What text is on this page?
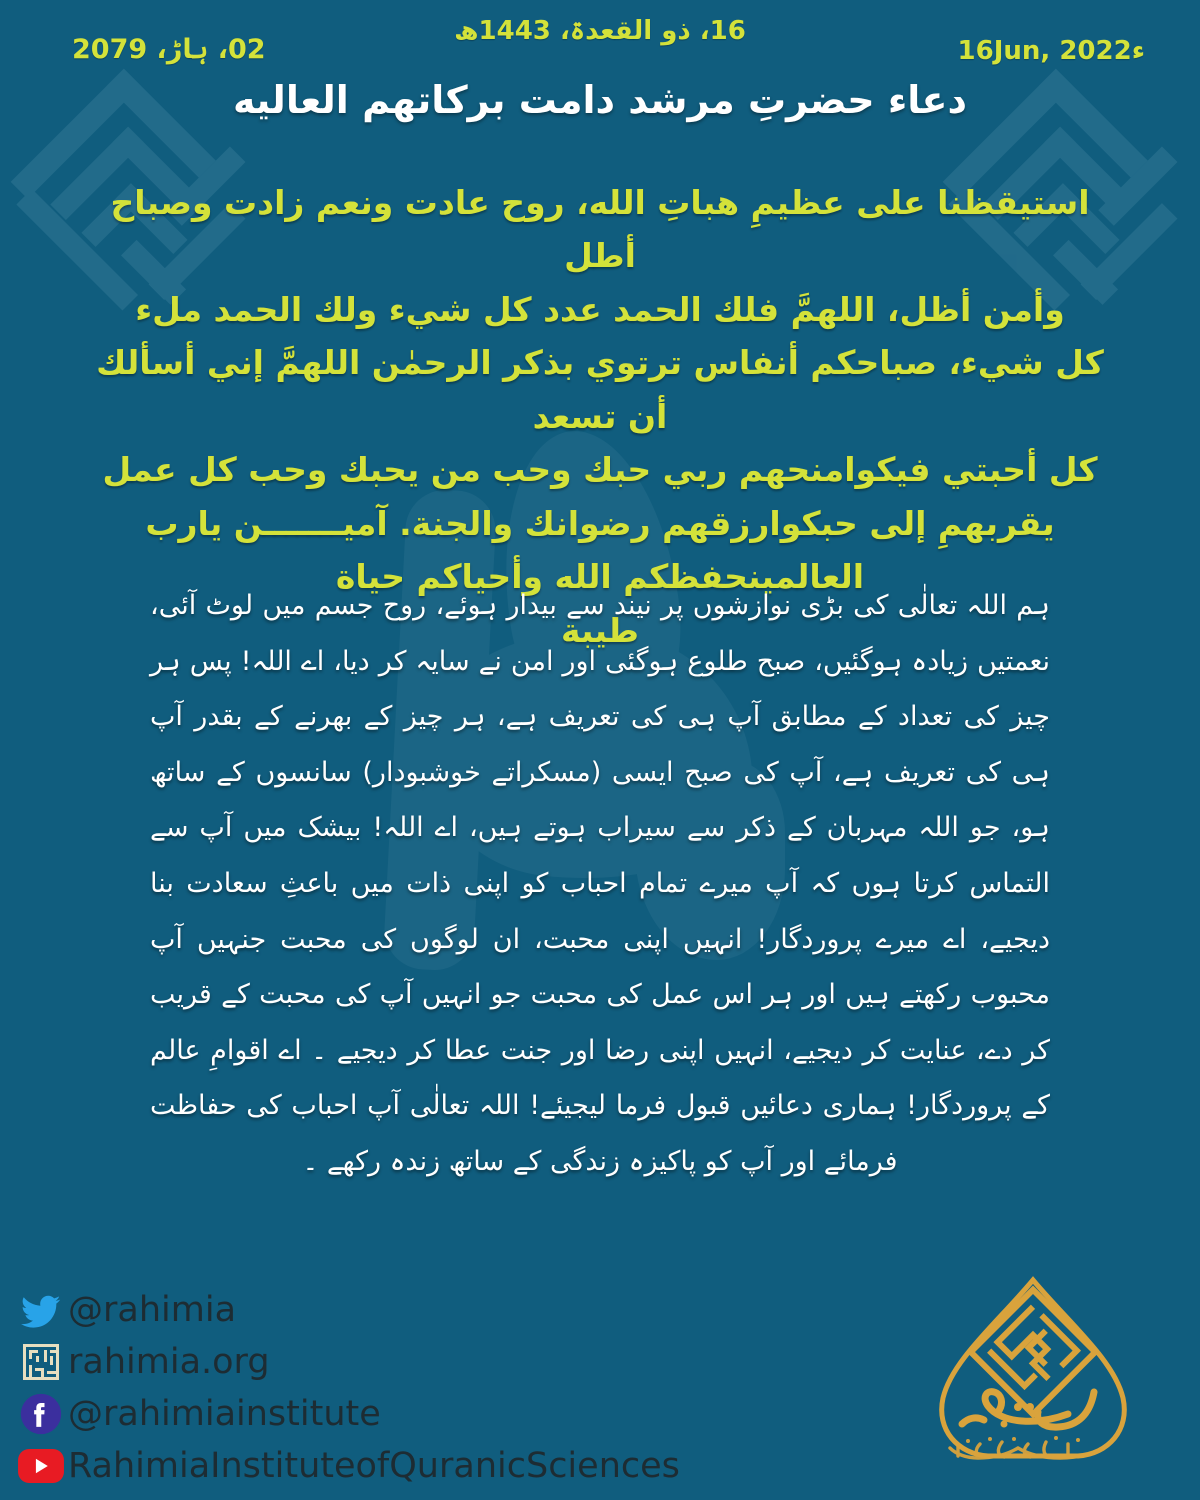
02، ہاڑ، 2079
16، ذو القعدۃ، 1443ھ
16Jun, 2022ء
دعاء حضرتِ مرشد دامت برکاتهم العالیه
استیقظنا علی عظیمِ هباتِ الله، روح عادت ونعم زادت وصباح أطل
وأمن أظل، اللهمَّ فلك الحمد عدد كل شيء ولك الحمد ملء
كل شيء، صباحكم أنفاس ترتوي بذكر الرحمٰن اللهمَّ إني أسألك أن تسعد
كل أحبتي فيكوامنحهم ربي حبك وحب من یحبك وحب كل عمل
یقربهمِ إلی حبكوارزقهم رضوانك والجنة. آمیـــــــن یارب العالمینحفظكم الله وأحیاكم حیاة
طیبة

ہم اللہ تعالٰی کی بڑی نوازشوں پر نیند سے بیدار ہوئے، روح جسم میں لوٹ آئی، نعمتیں زیادہ ہوگئیں، صبح طلوع ہوگئی اور امن نے سایہ کر دیا، اے اللہ! پس ہر چیز کی تعداد کے مطابق آپ ہی کی تعریف ہے، ہر چیز کے بھرنے کے بقدر آپ ہی کی تعریف ہے، آپ کی صبح ایسی (مسکراتے خوشبودار) سانسوں کے ساتھ ہو، جو اللہ مہربان کے ذکر سے سیراب ہوتے ہیں، اے اللہ! بیشک میں آپ سے التماس کرتا ہوں کہ آپ میرے تمام احباب کو اپنی ذات میں باعثِ سعادت بنا دیجیے، اے میرے پروردگار! انہیں اپنی محبت، ان لوگوں کی محبت جنہیں آپ محبوب رکھتے ہیں اور ہر اس عمل کی محبت جو انہیں آپ کی محبت کے قریب کر دے، عنایت کر دیجیے، انہیں اپنی رضا اور جنت عطا کر دیجیے ۔ اے اقوامِ عالم کے پروردگار! ہماری دعائیں قبول فرما لیجیئے! اللہ تعالٰی آپ احباب کی حفاظت فرمائے اور آپ کو پاکیزہ زندگی کے ساتھ زندہ رکھے ۔

@rahimia
rahimia.org
@rahimiainstitute
RahimiaInstituteofQuranicSciences
